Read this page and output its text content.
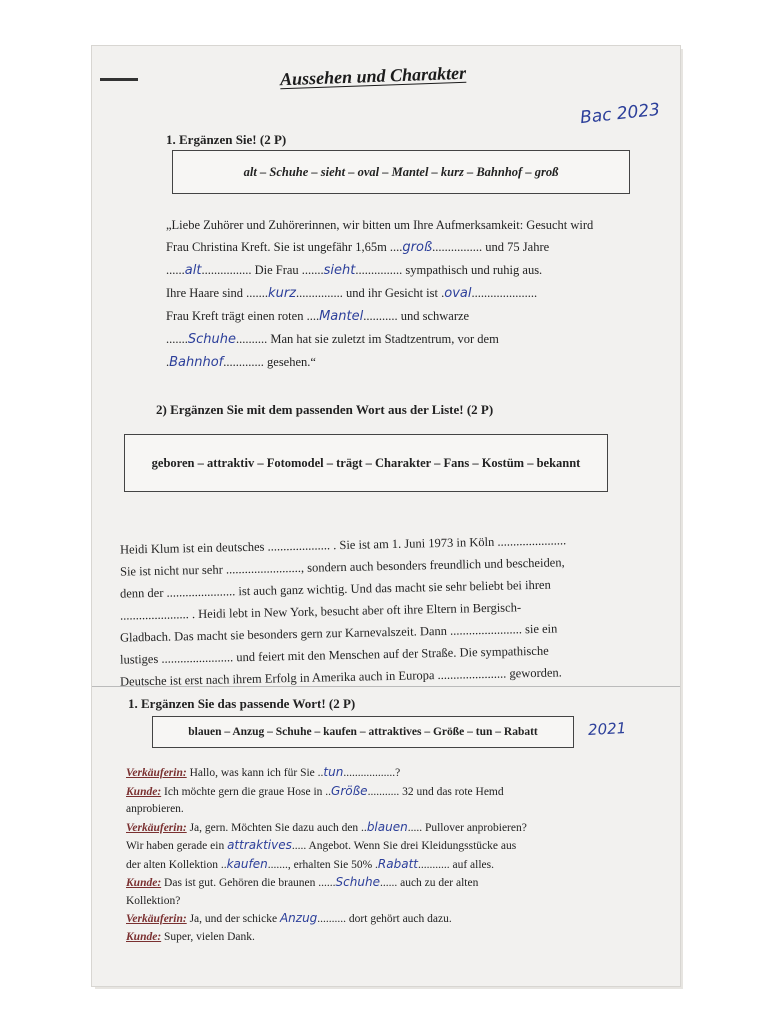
Aussehen und Charakter
Bac 2023
1. Ergänzen Sie! (2 P)
alt – Schuhe – sieht – oval – Mantel – kurz – Bahnhof – groß
„Liebe Zuhörer und Zuhörerinnen, wir bitten um Ihre Aufmerksamkeit: Gesucht wird
Frau Christina Kreft. Sie ist ungefähr 1,65m ....groß................ und 75 Jahre
......alt................ Die Frau .......sieht............... sympathisch und ruhig aus.
Ihre Haare sind .......kurz............... und ihr Gesicht ist .oval.....................
Frau Kreft trägt einen roten ....Mantel........... und schwarze
.......Schuhe.......... Man hat sie zuletzt im Stadtzentrum, vor dem
.Bahnhof............. gesehen.“
2) Ergänzen Sie mit dem passenden Wort aus der Liste! (2 P)
geboren – attraktiv – Fotomodel – trägt – Charakter – Fans – Kostüm – bekannt
Heidi Klum ist ein deutsches .................... . Sie ist am 1. Juni 1973 in Köln ......................
Sie ist nicht nur sehr ........................, sondern auch besonders freundlich und bescheiden,
denn der ...................... ist auch ganz wichtig. Und das macht sie sehr beliebt bei ihren
...................... . Heidi lebt in New York, besucht aber oft ihre Eltern in Bergisch-
Gladbach. Das macht sie besonders gern zur Karnevalszeit. Dann ....................... sie ein
lustiges ....................... und feiert mit den Menschen auf der Straße. Die sympathische
Deutsche ist erst nach ihrem Erfolg in Amerika auch in Europa ...................... geworden.
1. Ergänzen Sie das passende Wort! (2 P)
blauen – Anzug – Schuhe – kaufen – attraktives – Größe – tun – Rabatt	2021
Verkäuferin: Hallo, was kann ich für Sie ..tun..................?
Kunde: Ich möchte gern die graue Hose in ..Größe........... 32 und das rote Hemd
anprobieren.
Verkäuferin: Ja, gern. Möchten Sie dazu auch den ..blauen..... Pullover anprobieren?
Wir haben gerade ein attraktives..... Angebot. Wenn Sie drei Kleidungsstücke aus
der alten Kollektion ..kaufen......., erhalten Sie 50% .Rabatt........... auf alles.
Kunde: Das ist gut. Gehören die braunen ......Schuhe...... auch zu der alten
Kollektion?
Verkäuferin: Ja, und der schicke Anzug.......... dort gehört auch dazu.
Kunde: Super, vielen Dank.
